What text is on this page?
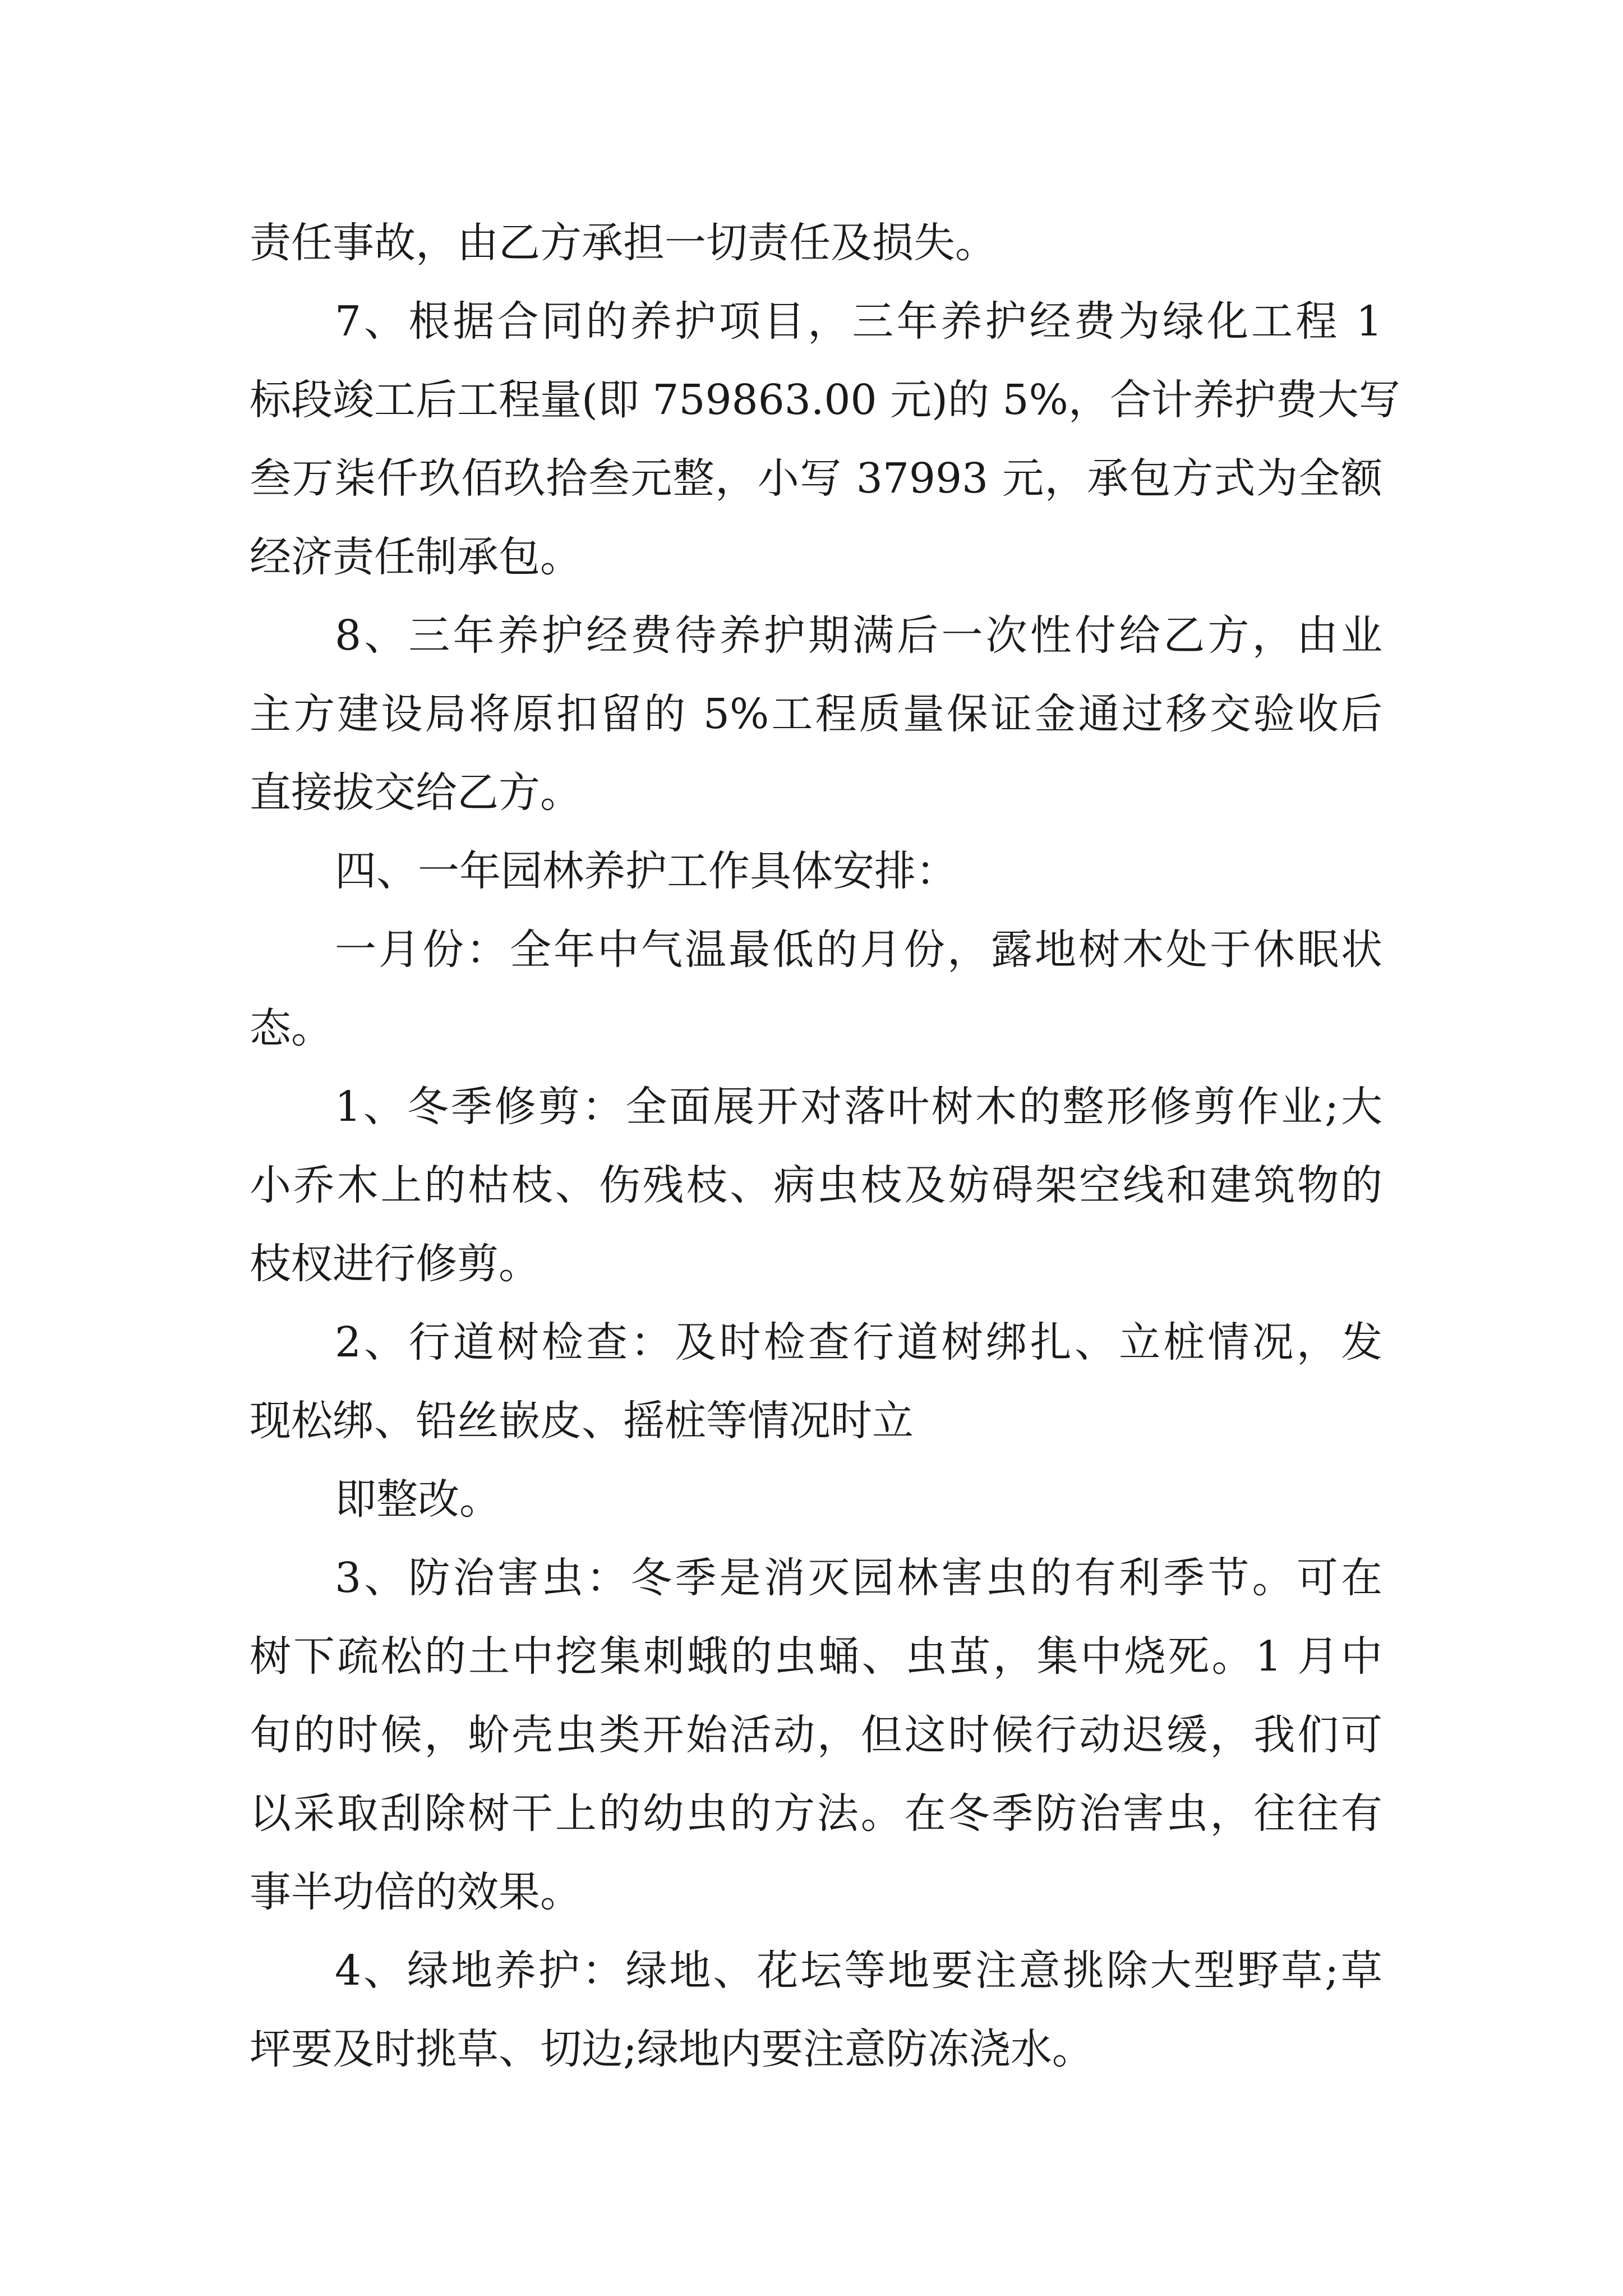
责任事故，由乙方承担一切责任及损失。

7、根据合同的养护项目，三年养护经费为绿化工程 1

标段竣工后工程量(即 759863.00 元)的 5%，合计养护费大写

叁万柒仟玖佰玖拾叁元整，小写 37993 元，承包方式为全额

经济责任制承包。

8、三年养护经费待养护期满后一次性付给乙方，由业

主方建设局将原扣留的 5%工程质量保证金通过移交验收后

直接拔交给乙方。

四、一年园林养护工作具体安排：

一月份：全年中气温最低的月份，露地树木处于休眠状

态。

1、冬季修剪：全面展开对落叶树木的整形修剪作业;大

小乔木上的枯枝、伤残枝、病虫枝及妨碍架空线和建筑物的

枝杈进行修剪。

2、行道树检查：及时检查行道树绑扎、立桩情况，发

现松绑、铅丝嵌皮、摇桩等情况时立

即整改。

3、防治害虫：冬季是消灭园林害虫的有利季节。可在

树下疏松的土中挖集刺蛾的虫蛹、虫茧，集中烧死。1 月中

旬的时候，蚧壳虫类开始活动，但这时候行动迟缓，我们可

以采取刮除树干上的幼虫的方法。在冬季防治害虫，往往有

事半功倍的效果。

4、绿地养护：绿地、花坛等地要注意挑除大型野草;草

坪要及时挑草、切边;绿地内要注意防冻浇水。
